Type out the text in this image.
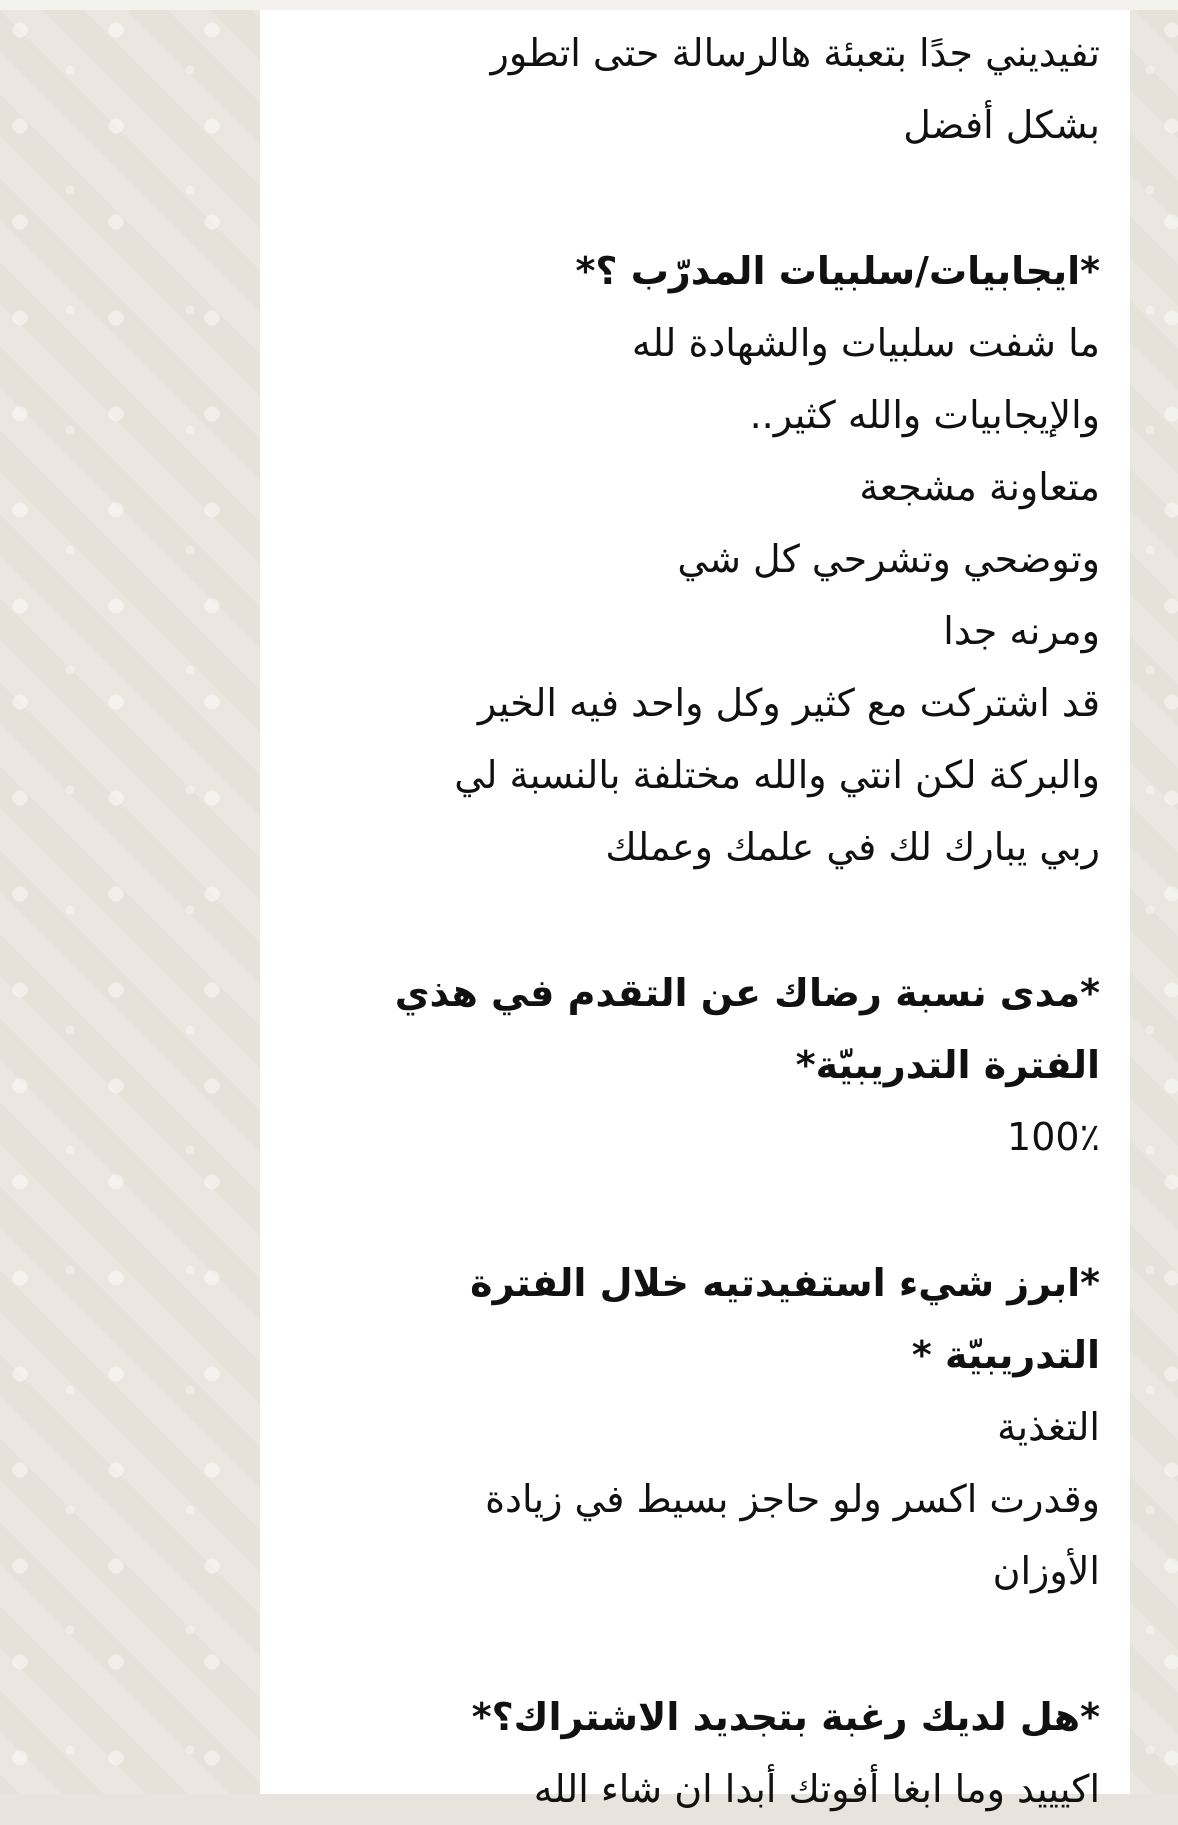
تفيديني جدًا بتعبئة هالرسالة حتى اتطور
بشكل أفضل
*ايجابيات/سلبيات المدرّب ؟*
ما شفت سلبيات والشهادة لله
والإيجابيات والله كثير..
متعاونة مشجعة
وتوضحي وتشرحي كل شي
ومرنه جدا
قد اشتركت مع كثير وكل واحد فيه الخير
والبركة لكن انتي والله مختلفة بالنسبة لي
ربي يبارك لك في علمك وعملك
*مدى نسبة رضاك عن التقدم في هذي
الفترة التدريبيّة*
100٪
*ابرز شيء استفيدتيه خلال الفترة
التدريبيّة *
التغذية
وقدرت اكسر ولو حاجز بسيط في زيادة
الأوزان
*هل لديك رغبة بتجديد الاشتراك؟*
اكيييد وما ابغا أفوتك أبدا ان شاء الله
